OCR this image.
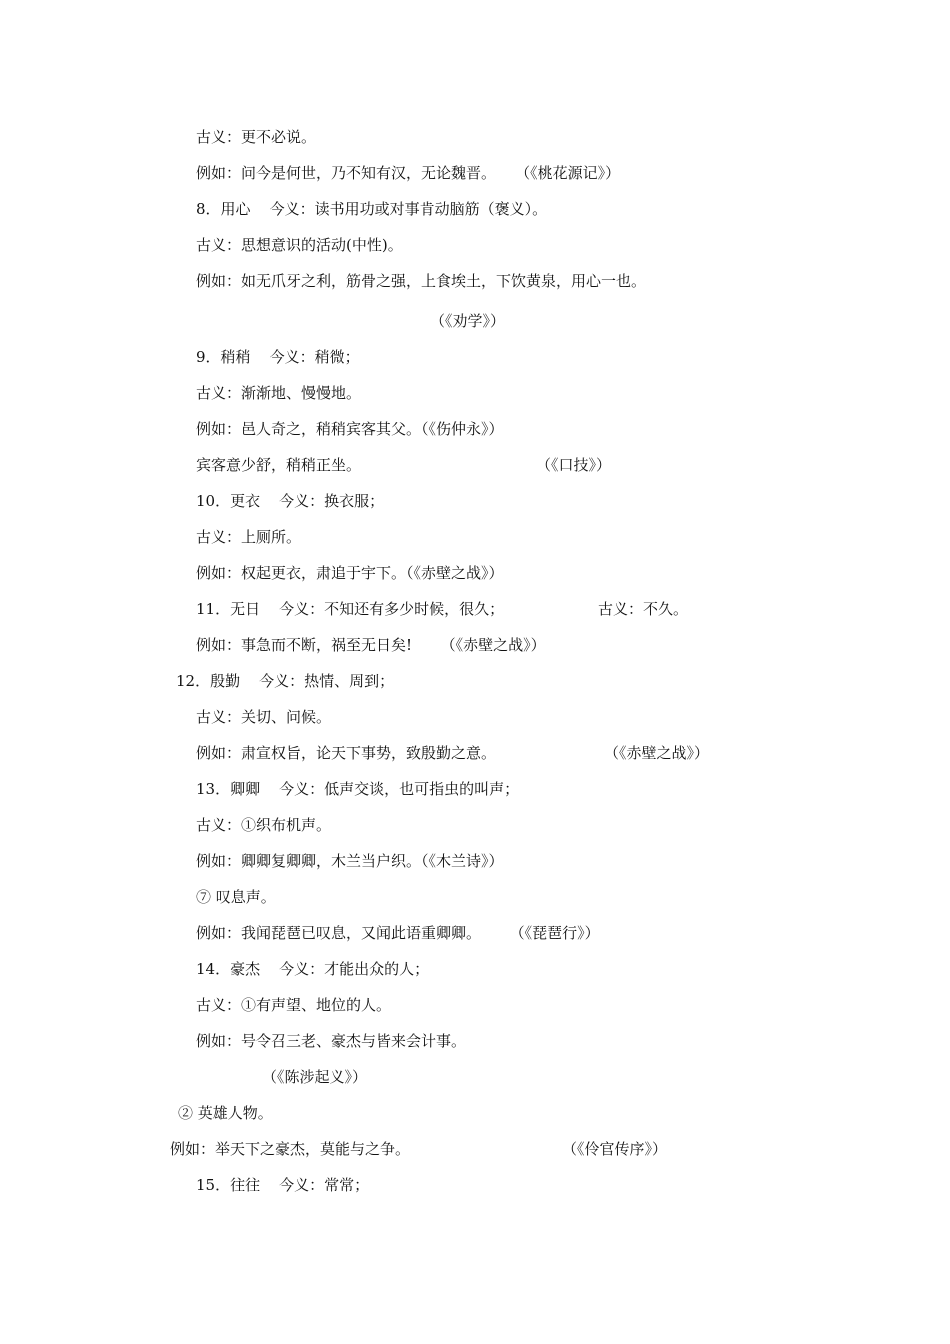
古义：更不必说。
例如：问今是何世，乃不知有汉，无论魏晋。    （《桃花源记》）
8．用心    今义：读书用功或对事肯动脑筋（褒义）。
古义：思想意识的活动(中性)。
例如：如无爪牙之利，筋骨之强，上食埃土，下饮黄泉，用心一也。
（《劝学》）
9．稍稍    今义：稍微；
古义：渐渐地、慢慢地。
例如：邑人奇之，稍稍宾客其父。（《伤仲永》）
宾客意少舒，稍稍正坐。	（《口技》）
10．更衣    今义：换衣服；
古义：上厕所。
例如：权起更衣，肃追于宇下。（《赤壁之战》）
11．无日    今义：不知还有多少时候，很久；	古义：不久。
例如：事急而不断，祸至无日矣!      （《赤壁之战》）
12．殷勤    今义：热情、周到；
古义：关切、问候。
例如：肃宣权旨，论天下事势，致殷勤之意。	（《赤壁之战》）
13．卿卿    今义：低声交谈，也可指虫的叫声；
古义：①织布机声。
例如：卿卿复卿卿，木兰当户织。（《木兰诗》）
⑦ 叹息声。
例如：我闻琵琶已叹息，又闻此语重卿卿。      （《琵琶行》）
14．豪杰    今义：才能出众的人；
古义：①有声望、地位的人。
例如：号令召三老、豪杰与皆来会计事。
（《陈涉起义》）
② 英雄人物。
例如：举天下之豪杰，莫能与之争。	（《伶官传序》）
15．往往    今义：常常；
